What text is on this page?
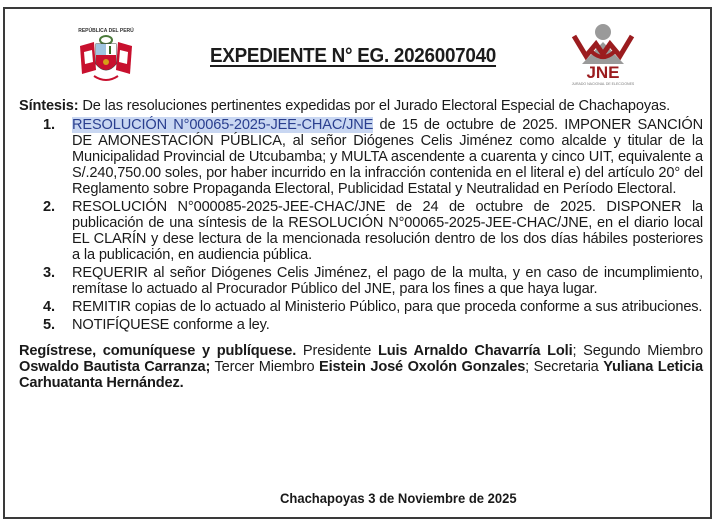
REPÚBLICA DEL PERÚ
EXPEDIENTE N° EG. 2026007040
JNE
JURADO NACIONAL DE ELECCIONES

Síntesis: De las resoluciones pertinentes expedidas por el Jurado Electoral Especial de Chachapoyas.

1. RESOLUCIÓN N°00065-2025-JEE-CHAC/JNE de 15 de octubre de 2025. IMPONER SANCIÓN DE AMONESTACIÓN PÚBLICA, al señor Diógenes Celis Jiménez como alcalde y titular de la Municipalidad Provincial de Utcubamba; y MULTA ascendente a cuarenta y cinco UIT, equivalente a S/.240,750.00 soles, por haber incurrido en la infracción contenida en el literal e) del artículo 20° del Reglamento sobre Propaganda Electoral, Publicidad Estatal y Neutralidad en Período Electoral.
2. RESOLUCIÓN N°000085-2025-JEE-CHAC/JNE de 24 de octubre de 2025. DISPONER la publicación de una síntesis de la RESOLUCIÓN N°00065-2025-JEE-CHAC/JNE, en el diario local EL CLARÍN y dese lectura de la mencionada resolución dentro de los dos días hábiles posteriores a la publicación, en audiencia pública.
3. REQUERIR al señor Diógenes Celis Jiménez, el pago de la multa, y en caso de incumplimiento, remítase lo actuado al Procurador Público del JNE, para los fines a que haya lugar.
4. REMITIR copias de lo actuado al Ministerio Público, para que proceda conforme a sus atribuciones.
5. NOTIFÍQUESE conforme a ley.

Regístrese, comuníquese y publíquese. Presidente Luis Arnaldo Chavarría Loli; Segundo Miembro Oswaldo Bautista Carranza; Tercer Miembro Eistein José Oxolón Gonzales; Secretaria Yuliana Leticia Carhuatanta Hernández.

Chachapoyas 3 de Noviembre de 2025
